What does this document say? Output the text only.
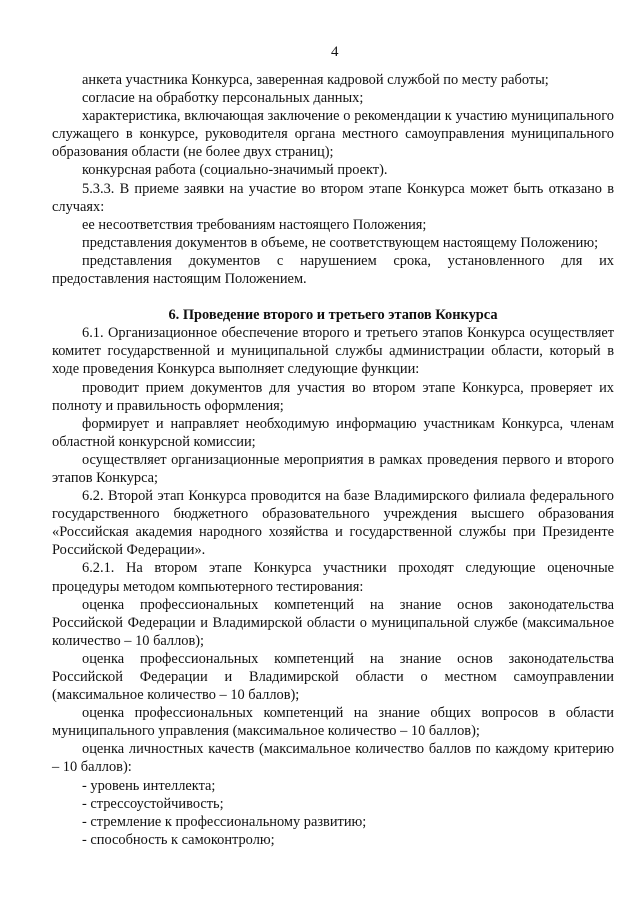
4

анкета участника Конкурса, заверенная кадровой службой по месту работы;

согласие на обработку персональных данных;

характеристика, включающая заключение о рекомендации к участию муниципального служащего в конкурсе, руководителя органа местного самоуправления муниципального образования области (не более двух страниц);

конкурсная работа (социально-значимый проект).

5.3.3. В приеме заявки на участие во втором этапе Конкурса может быть отказано в случаях:

ее несоответствия требованиям настоящего Положения;

представления документов в объеме, не соответствующем настоящему Положению;

представления документов с нарушением срока, установленного для их предоставления настоящим Положением.

6. Проведение второго и третьего этапов Конкурса

6.1. Организационное обеспечение второго и третьего этапов Конкурса осуществляет комитет государственной и муниципальной службы администрации области, который в ходе проведения Конкурса выполняет следующие функции:

проводит прием документов для участия во втором этапе Конкурса, проверяет их полноту и правильность оформления;

формирует и направляет необходимую информацию участникам Конкурса, членам областной конкурсной комиссии;

осуществляет организационные мероприятия в рамках проведения первого и второго этапов Конкурса;

6.2. Второй этап Конкурса проводится на базе Владимирского филиала федерального государственного бюджетного образовательного учреждения высшего образования «Российская академия народного хозяйства и государственной службы при Президенте Российской Федерации».

6.2.1. На втором этапе Конкурса участники проходят следующие оценочные процедуры методом компьютерного тестирования:

оценка профессиональных компетенций на знание основ законодательства Российской Федерации и Владимирской области о муниципальной службе (максимальное количество – 10 баллов);

оценка профессиональных компетенций на знание основ законодательства Российской Федерации и Владимирской области о местном самоуправлении (максимальное количество – 10 баллов);

оценка профессиональных компетенций на знание общих вопросов в области муниципального управления (максимальное количество – 10 баллов);

оценка личностных качеств (максимальное количество баллов по каждому критерию – 10 баллов):

- уровень интеллекта;

- стрессоустойчивость;

- стремление к профессиональному развитию;

- способность к самоконтролю;
